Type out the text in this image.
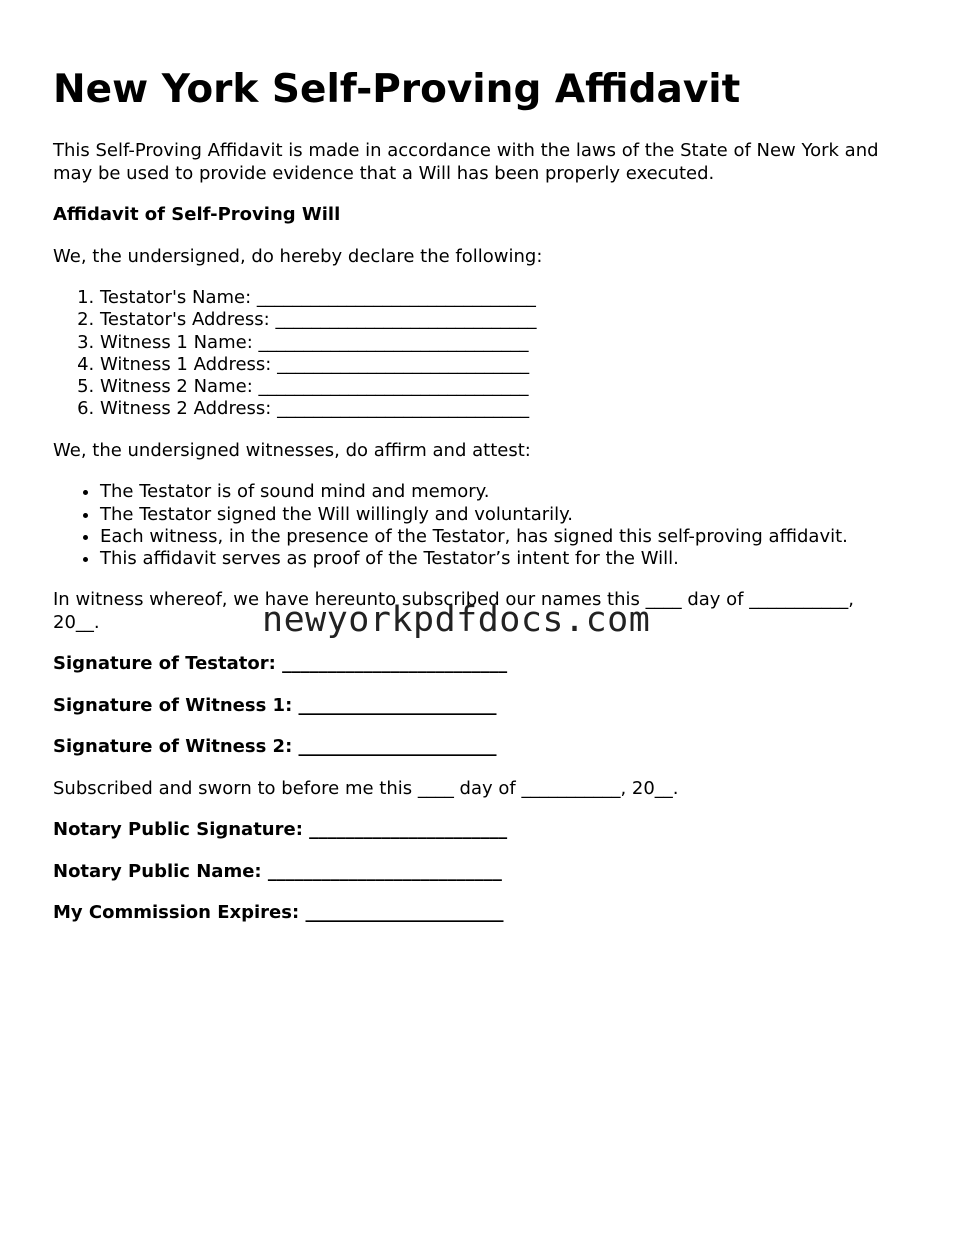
New York Self-Proving Affidavit

This Self-Proving Affidavit is made in accordance with the laws of the State of New York and may be used to provide evidence that a Will has been properly executed.

Affidavit of Self-Proving Will

We, the undersigned, do hereby declare the following:

1. Testator's Name: _______________________________
2. Testator's Address: _____________________________
3. Witness 1 Name: ______________________________
4. Witness 1 Address: ____________________________
5. Witness 2 Name: ______________________________
6. Witness 2 Address: ____________________________

We, the undersigned witnesses, do affirm and attest:

• The Testator is of sound mind and memory.
• The Testator signed the Will willingly and voluntarily.
• Each witness, in the presence of the Testator, has signed this self-proving affidavit.
• This affidavit serves as proof of the Testator’s intent for the Will.

In witness whereof, we have hereunto subscribed our names this ____ day of ___________, 20__.

Signature of Testator: _________________________

Signature of Witness 1: ______________________

Signature of Witness 2: ______________________

Subscribed and sworn to before me this ____ day of ___________, 20__.

Notary Public Signature: ______________________

Notary Public Name: __________________________

My Commission Expires: ______________________

newyorkpdfdocs.com
